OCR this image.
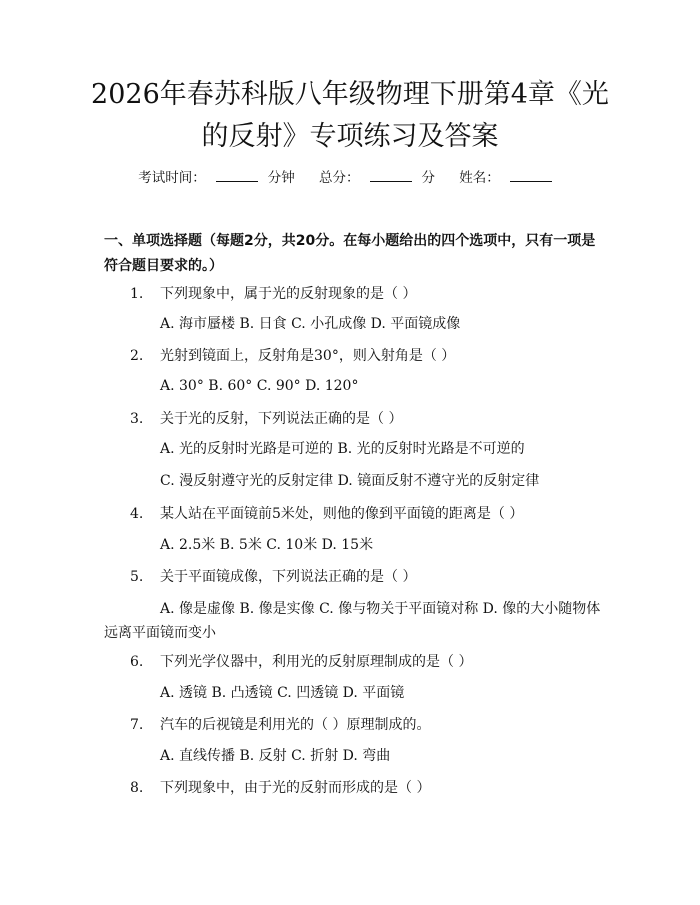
2026年春苏科版八年级物理下册第4章《光
的反射》专项练习及答案
考试时间：	分钟 总分：	分 姓名：
一、单项选择题（每题2分，共20分。在每小题给出的四个选项中，只有一项是符合题目要求的。）
1. 下列现象中，属于光的反射现象的是（ ）
A. 海市蜃楼 B. 日食 C. 小孔成像 D. 平面镜成像
2. 光射到镜面上，反射角是30°，则入射角是（ ）
A. 30° B. 60° C. 90° D. 120°
3. 关于光的反射，下列说法正确的是（ ）
A. 光的反射时光路是可逆的 B. 光的反射时光路是不可逆的
C. 漫反射遵守光的反射定律 D. 镜面反射不遵守光的反射定律
4. 某人站在平面镜前5米处，则他的像到平面镜的距离是（ ）
A. 2.5米 B. 5米 C. 10米 D. 15米
5. 关于平面镜成像，下列说法正确的是（ ）
A. 像是虚像 B. 像是实像 C. 像与物关于平面镜对称 D. 像的大小随物体远离平面镜而变小
6. 下列光学仪器中，利用光的反射原理制成的是（ ）
A. 透镜 B. 凸透镜 C. 凹透镜 D. 平面镜
7. 汽车的后视镜是利用光的（ ）原理制成的。
A. 直线传播 B. 反射 C. 折射 D. 弯曲
8. 下列现象中，由于光的反射而形成的是（ ）
